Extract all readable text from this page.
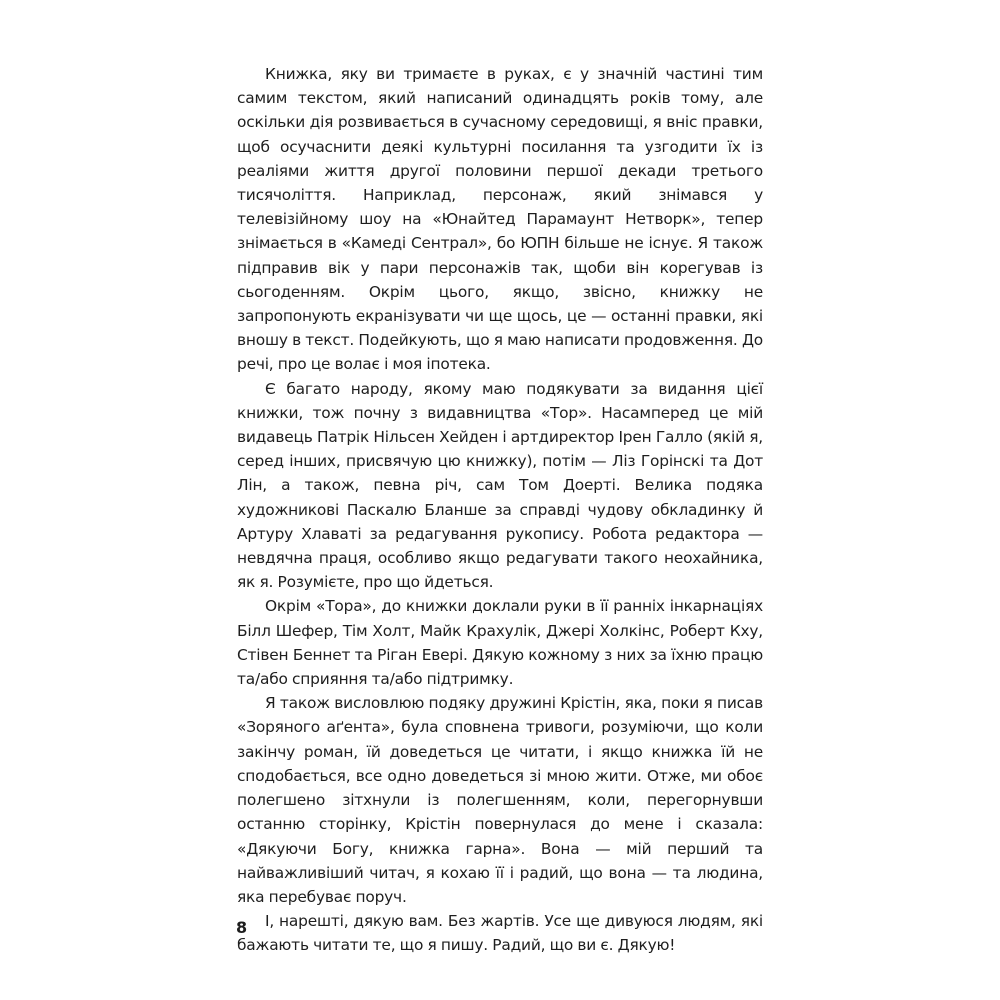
Книжка, яку ви тримаєте в руках, є у значній частині тим самим текстом, який написаний одинадцять років тому, але оскільки дія розвивається в сучасному середовищі, я вніс правки, щоб осучаснити деякі культурні посилання та узгодити їх із реаліями життя другої половини першої декади третього тисячоліття. Наприклад, персонаж, який знімався у телевізійному шоу на «Юнайтед Парамаунт Нетворк», тепер знімається в «Камеді Сентрал», бо ЮПН більше не існує. Я також підправив вік у пари персонажів так, щоби він корегував із сьогоденням. Окрім цього, якщо, звісно, книжку не запропонують екранізувати чи ще щось, це — останні правки, які вношу в текст. Подейкують, що я маю написати продовження. До речі, про це волає і моя іпотека.

Є багато народу, якому маю подякувати за видання цієї книжки, тож почну з видавництва «Тор». Насамперед це мій видавець Патрік Нільсен Хейден і артдиректор Ірен Галло (якій я, серед інших, присвячую цю книжку), потім — Ліз Горінскі та Дот Лін, а також, певна річ, сам Том Доерті. Велика подяка художникові Паскалю Бланше за справді чудову обкладинку й Артуру Хлаваті за редагування рукопису. Робота редактора — невдячна праця, особливо якщо редагувати такого неохайника, як я. Розумієте, про що йдеться.

Окрім «Тора», до книжки доклали руки в її ранніх інкарнаціях Білл Шефер, Тім Холт, Майк Крахулік, Джері Холкінс, Роберт Кху, Стівен Беннет та Ріган Евері. Дякую кожному з них за їхню працю та/або сприяння та/або підтримку.

Я також висловлюю подяку дружині Крістін, яка, поки я писав «Зоряного аґента», була сповнена тривоги, розуміючи, що коли закінчу роман, їй доведеться це читати, і якщо книжка їй не сподобається, все одно доведеться зі мною жити. Отже, ми обоє полегшено зітхнули із полегшенням, коли, перегорнувши останню сторінку, Крістін повернулася до мене і сказала: «Дякуючи Богу, книжка гарна». Вона — мій перший та найважливіший читач, я кохаю її і радий, що вона — та людина, яка перебуває поруч.

І, нарешті, дякую вам. Без жартів. Усе ще дивуюся людям, які бажають читати те, що я пишу. Радий, що ви є. Дякую!

8
